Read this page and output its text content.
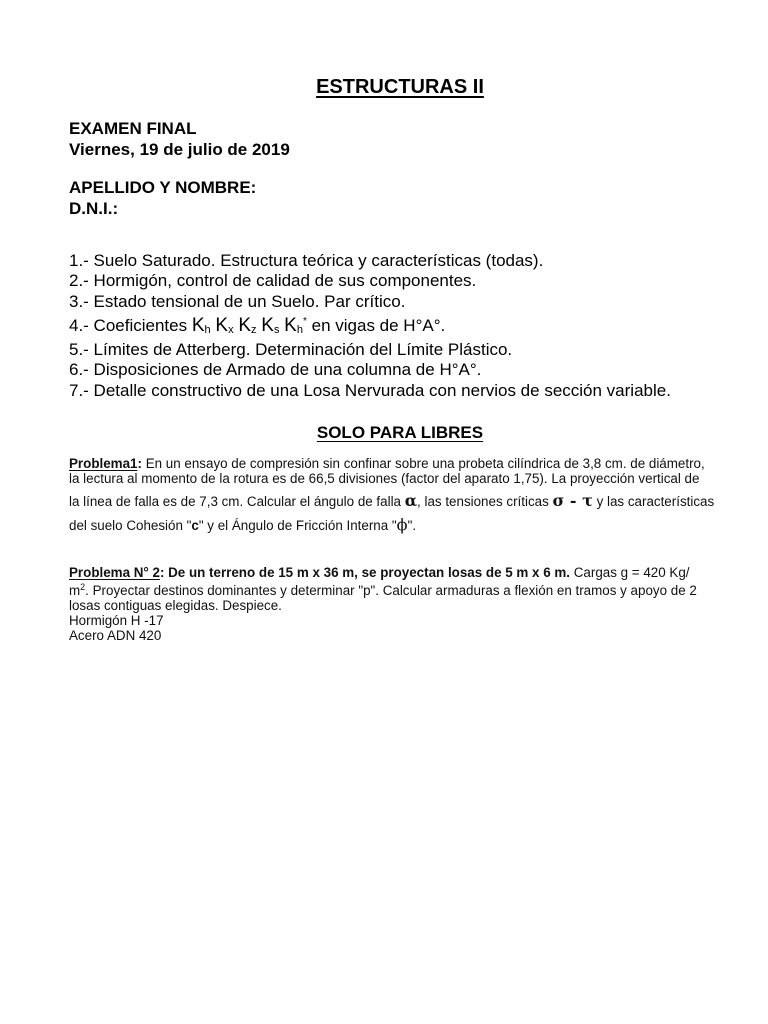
ESTRUCTURAS II
EXAMEN FINAL
Viernes, 19 de julio de 2019
APELLIDO Y NOMBRE:
D.N.I.:
1.- Suelo Saturado. Estructura teórica y características (todas).
2.- Hormigón, control de calidad de sus componentes.
3.- Estado tensional de un Suelo. Par crítico.
4.- Coeficientes Kh Kx Kz Ks Kh* en vigas de H°A°.
5.- Límites de Atterberg. Determinación del Límite Plástico.
6.- Disposiciones de Armado de una columna de H°A°.
7.- Detalle constructivo de una Losa Nervurada con nervios de sección variable.
SOLO PARA LIBRES
Problema1: En un ensayo de compresión sin confinar sobre una probeta cilíndrica de 3,8 cm. de diámetro,
la lectura al momento de la rotura es de 66,5 divisiones (factor del aparato 1,75). La proyección vertical de
la línea de falla es de 7,3 cm. Calcular el ángulo de falla α, las tensiones críticas σ - τ y las características
del suelo Cohesión "c" y el Ángulo de Fricción Interna "ϕ".
Problema N° 2: De un terreno de 15 m x 36 m, se proyectan losas de 5 m x 6 m. Cargas g = 420 Kg/
$m^2$. Proyectar destinos dominantes y determinar "p". Calcular armaduras a flexión en tramos y apoyo de 2
losas contiguas elegidas. Despiece.
Hormigón H -17
Acero ADN 420
